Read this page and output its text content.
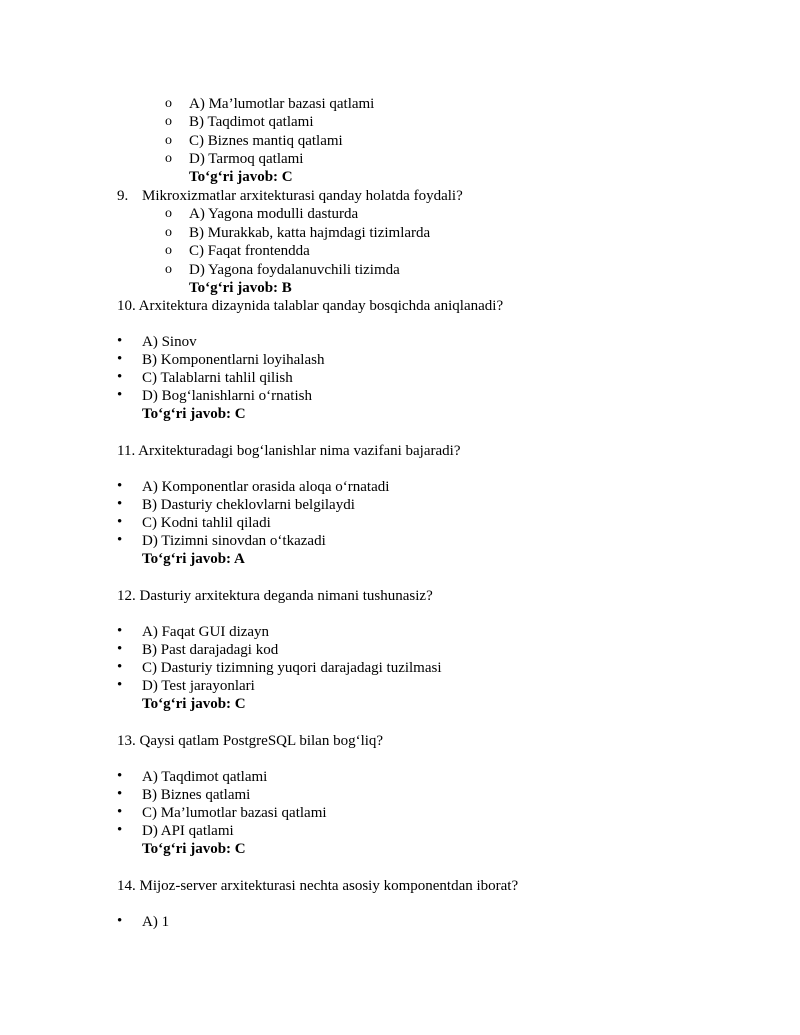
o A) Ma’lumotlar bazasi qatlami
o B) Taqdimot qatlami
o C) Biznes mantiq qatlami
o D) Tarmoq qatlami
To‘g‘ri javob: C
9. Mikroxizmatlar arxitekturasi qanday holatda foydali?
o A) Yagona modulli dasturda
o B) Murakkab, katta hajmdagi tizimlarda
o C) Faqat frontendda
o D) Yagona foydalanuvchili tizimda
To‘g‘ri javob: B
10. Arxitektura dizaynida talablar qanday bosqichda aniqlanadi?
• A) Sinov
• B) Komponentlarni loyihalash
• C) Talablarni tahlil qilish
• D) Bog‘lanishlarni o‘rnatish
To‘g‘ri javob: C
11. Arxitekturadagi bog‘lanishlar nima vazifani bajaradi?
• A) Komponentlar orasida aloqa o‘rnatadi
• B) Dasturiy cheklovlarni belgilaydi
• C) Kodni tahlil qiladi
• D) Tizimni sinovdan o‘tkazadi
To‘g‘ri javob: A
12. Dasturiy arxitektura deganda nimani tushunasiz?
• A) Faqat GUI dizayn
• B) Past darajadagi kod
• C) Dasturiy tizimning yuqori darajadagi tuzilmasi
• D) Test jarayonlari
To‘g‘ri javob: C
13. Qaysi qatlam PostgreSQL bilan bog‘liq?
• A) Taqdimot qatlami
• B) Biznes qatlami
• C) Ma’lumotlar bazasi qatlami
• D) API qatlami
To‘g‘ri javob: C
14. Mijoz-server arxitekturasi nechta asosiy komponentdan iborat?
• A) 1
